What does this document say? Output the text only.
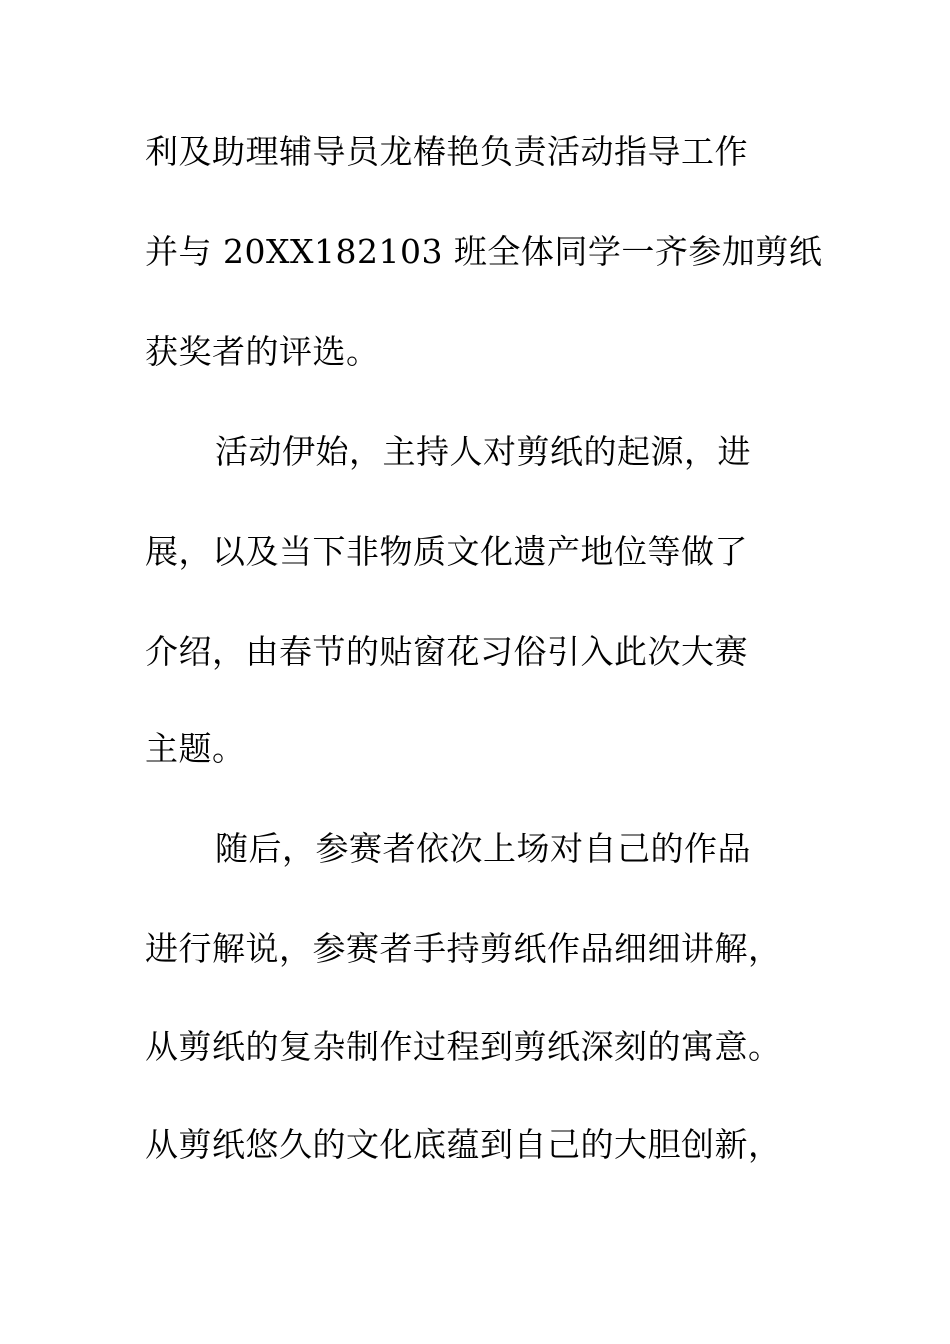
利及助理辅导员龙椿艳负责活动指导工作
并与 20XX182103 班全体同学一齐参加剪纸
获奖者的评选。
活动伊始，主持人对剪纸的起源，进
展，以及当下非物质文化遗产地位等做了
介绍，由春节的贴窗花习俗引入此次大赛
主题。
随后，参赛者依次上场对自己的作品
进行解说，参赛者手持剪纸作品细细讲解，
从剪纸的复杂制作过程到剪纸深刻的寓意。
从剪纸悠久的文化底蕴到自己的大胆创新，
